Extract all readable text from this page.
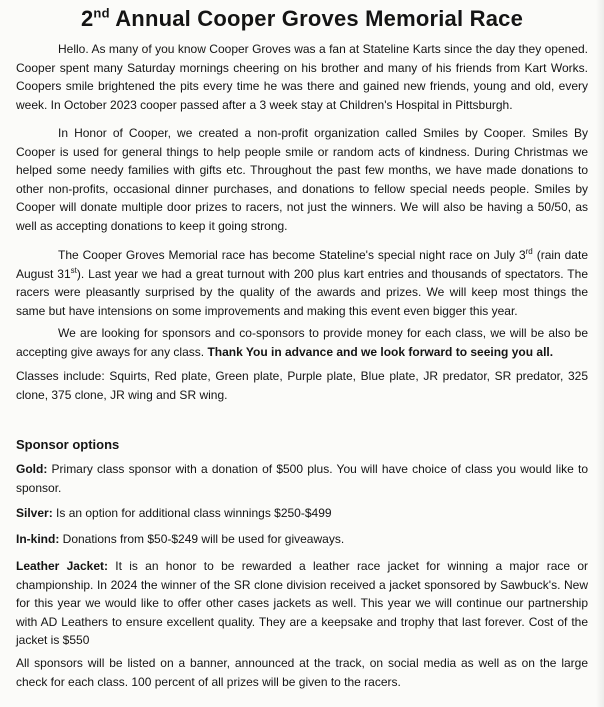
2nd Annual Cooper Groves Memorial Race

Hello. As many of you know Cooper Groves was a fan at Stateline Karts since the day they opened. Cooper spent many Saturday mornings cheering on his brother and many of his friends from Kart Works. Coopers smile brightened the pits every time he was there and gained new friends, young and old, every week. In October 2023 cooper passed after a 3 week stay at Children's Hospital in Pittsburgh.

In Honor of Cooper, we created a non-profit organization called Smiles by Cooper. Smiles By Cooper is used for general things to help people smile or random acts of kindness. During Christmas we helped some needy families with gifts etc. Throughout the past few months, we have made donations to other non-profits, occasional dinner purchases, and donations to fellow special needs people. Smiles by Cooper will donate multiple door prizes to racers, not just the winners. We will also be having a 50/50, as well as accepting donations to keep it going strong.

The Cooper Groves Memorial race has become Stateline's special night race on July 3rd (rain date August 31st). Last year we had a great turnout with 200 plus kart entries and thousands of spectators. The racers were pleasantly surprised by the quality of the awards and prizes. We will keep most things the same but have intensions on some improvements and making this event even bigger this year.

We are looking for sponsors and co-sponsors to provide money for each class, we will be also be accepting give aways for any class. Thank You in advance and we look forward to seeing you all.

Classes include: Squirts, Red plate, Green plate, Purple plate, Blue plate, JR predator, SR predator, 325 clone, 375 clone, JR wing and SR wing.

Sponsor options

Gold: Primary class sponsor with a donation of $500 plus. You will have choice of class you would like to sponsor.

Silver: Is an option for additional class winnings $250-$499

In-kind: Donations from $50-$249 will be used for giveaways.

Leather Jacket: It is an honor to be rewarded a leather race jacket for winning a major race or championship. In 2024 the winner of the SR clone division received a jacket sponsored by Sawbuck's. New for this year we would like to offer other cases jackets as well. This year we will continue our partnership with AD Leathers to ensure excellent quality. They are a keepsake and trophy that last forever. Cost of the jacket is $550

All sponsors will be listed on a banner, announced at the track, on social media as well as on the large check for each class. 100 percent of all prizes will be given to the racers.
